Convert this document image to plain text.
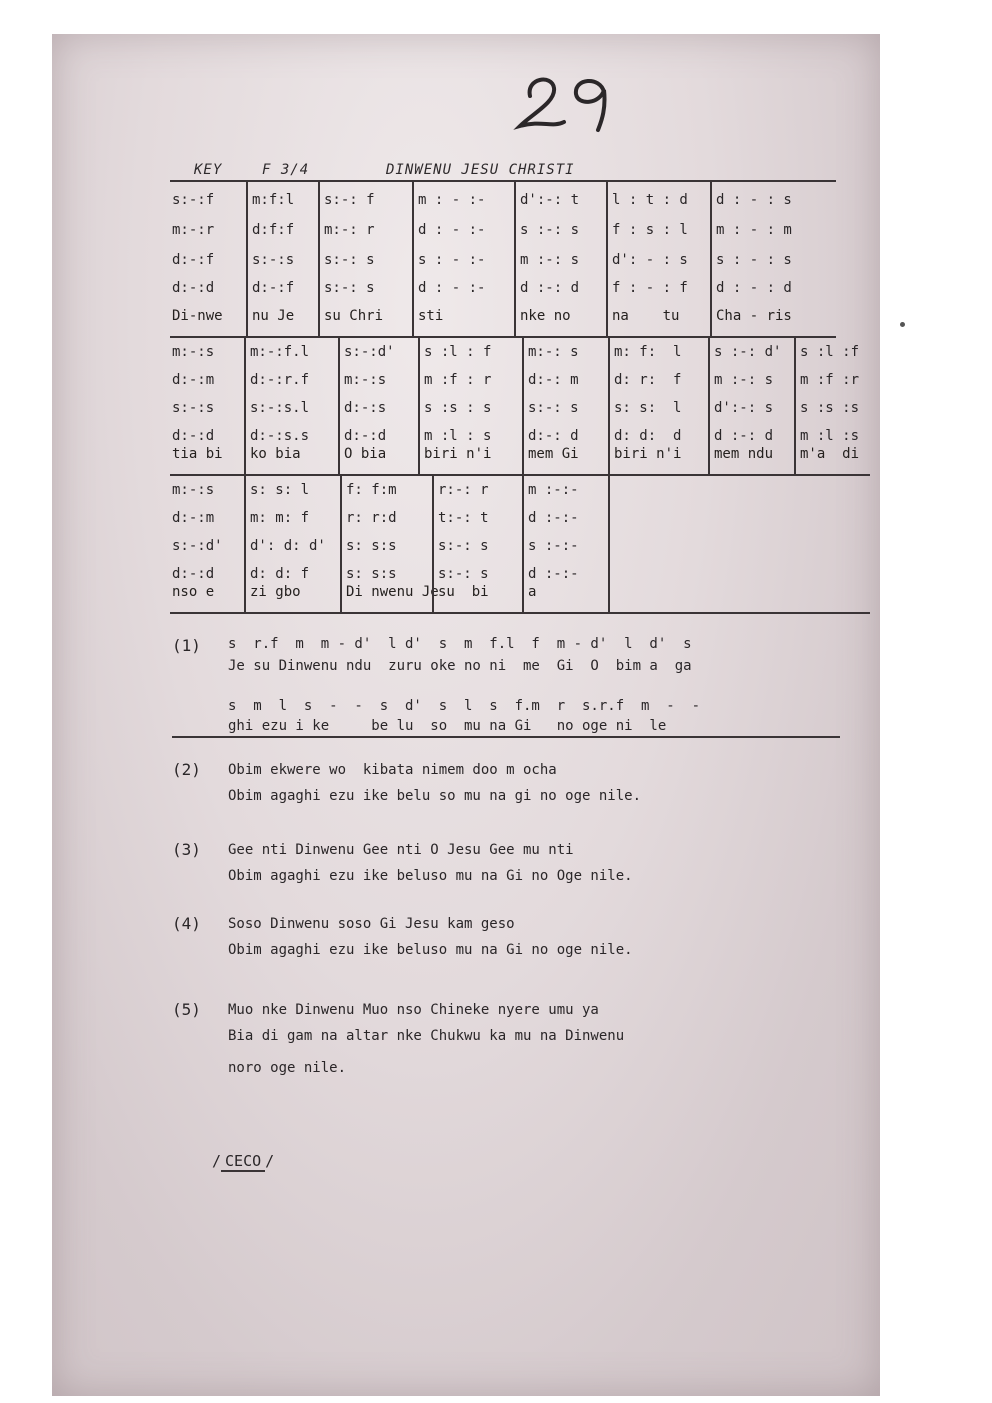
KEY	F 3/4	DINWENU JESU CHRISTI
s:-:f
m:-:r
d:-:f
d:-:d
Di-nwe
m:f:l
d:f:f
s:-:s
d:-:f
nu Je
s:-: f
m:-: r
s:-: s
s:-: s
su Chri
m : - :-
d : - :-
s : - :-
d : - :-
sti
d':-: t
s :-: s
m :-: s
d :-: d
nke no
l : t : d
f : s : l
d': - : s
f : - : f
na    tu
d : - : s
m : - : m
s : - : s
d : - : d
Cha - ris
m:-:s
d:-:m
s:-:s
d:-:d
tia bi
m:-:f.l
d:-:r.f
s:-:s.l
d:-:s.s
ko bia
s:-:d'
m:-:s
d:-:s
d:-:d
O bia
s :l : f
m :f : r
s :s : s
m :l : s
biri n'i
m:-: s
d:-: m
s:-: s
d:-: d
mem Gi
m: f:  l
d: r:  f
s: s:  l
d: d:  d
biri n'i
s :-: d'
m :-: s
d':-: s
d :-: d
mem ndu
s :l :f
m :f :r
s :s :s
m :l :s
m'a  di
m:-:s
d:-:m
s:-:d'
d:-:d
nso e
s: s: l
m: m: f
d': d: d'
d: d: f
zi gbo
f: f:m
r: r:d
s: s:s
s: s:s
Di nwenu Je
r:-: r
t:-: t
s:-: s
s:-: s
su  bi
m :-:-
d :-:-
s :-:-
d :-:-
a
(1) s  r.f  m  m - d'  l d'  s  m  f.l  f  m - d'  l  d'  s
Je su Dinwenu ndu  zuru oke no ni  me  Gi  O  bim a  ga
s  m  l  s  -  -  s  d'  s  l  s  f.m  r  s.r.f  m  -  -
ghi ezu i ke     be lu  so  mu na Gi   no oge ni  le
(2) Obim ekwere wo  kibata nimem doo m ocha
Obim agaghi ezu ike belu so mu na gi no oge nile.
(3) Gee nti Dinwenu Gee nti O Jesu Gee mu nti
Obim agaghi ezu ike beluso mu na Gi no Oge nile.
(4) Soso Dinwenu soso Gi Jesu kam geso
Obim agaghi ezu ike beluso mu na Gi no oge nile.
(5) Muo nke Dinwenu Muo nso Chineke nyere umu ya
Bia di gam na altar nke Chukwu ka mu na Dinwenu
noro oge nile.
/ CECO /
